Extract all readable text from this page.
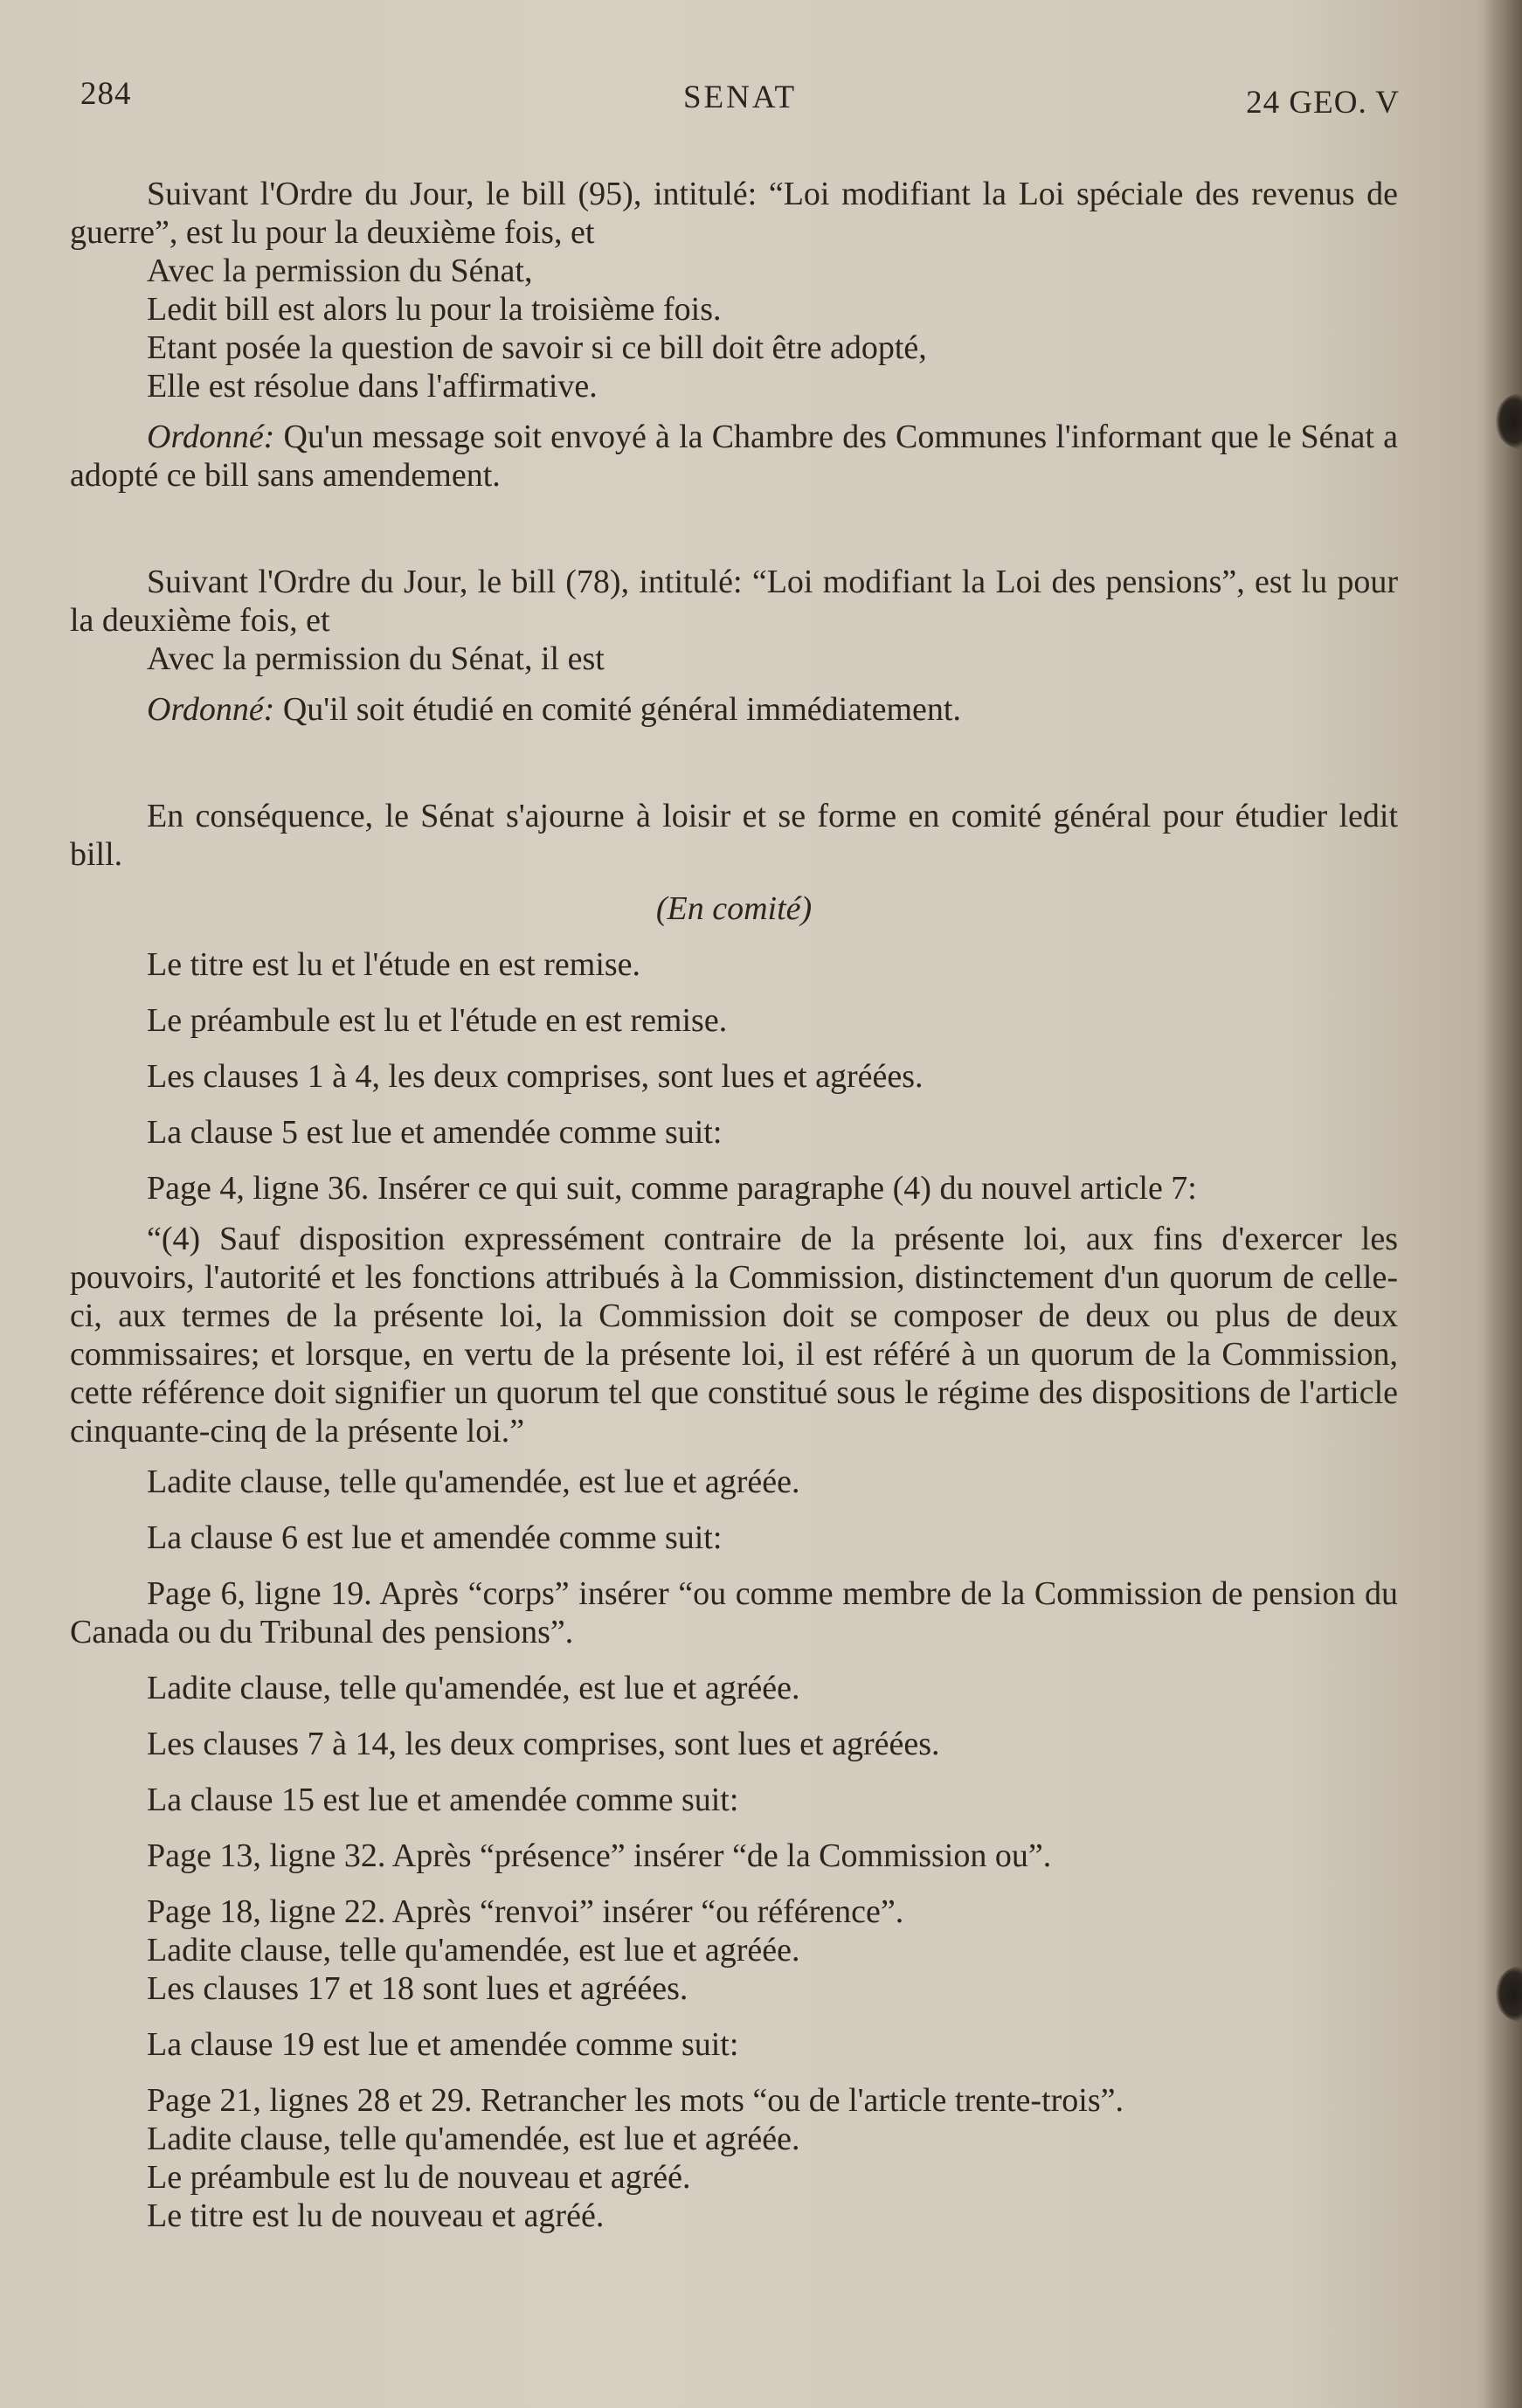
284	SENAT	24 GEO. V

Suivant l'Ordre du Jour, le bill (95), intitulé: “Loi modifiant la Loi spéciale des revenus de guerre”, est lu pour la deuxième fois, et

Avec la permission du Sénat,

Ledit bill est alors lu pour la troisième fois.

Etant posée la question de savoir si ce bill doit être adopté,

Elle est résolue dans l'affirmative.

Ordonné: Qu'un message soit envoyé à la Chambre des Communes l'informant que le Sénat a adopté ce bill sans amendement.

Suivant l'Ordre du Jour, le bill (78), intitulé: “Loi modifiant la Loi des pensions”, est lu pour la deuxième fois, et

Avec la permission du Sénat, il est

Ordonné: Qu'il soit étudié en comité général immédiatement.

En conséquence, le Sénat s'ajourne à loisir et se forme en comité général pour étudier ledit bill.

(En comité)

Le titre est lu et l'étude en est remise.

Le préambule est lu et l'étude en est remise.

Les clauses 1 à 4, les deux comprises, sont lues et agréées.

La clause 5 est lue et amendée comme suit:

Page 4, ligne 36. Insérer ce qui suit, comme paragraphe (4) du nouvel article 7:

“(4) Sauf disposition expressément contraire de la présente loi, aux fins d'exercer les pouvoirs, l'autorité et les fonctions attribués à la Commission, distinctement d'un quorum de celle-ci, aux termes de la présente loi, la Commission doit se composer de deux ou plus de deux commissaires; et lorsque, en vertu de la présente loi, il est référé à un quorum de la Commission, cette référence doit signifier un quorum tel que constitué sous le régime des dispositions de l'article cinquante-cinq de la présente loi.”

Ladite clause, telle qu'amendée, est lue et agréée.

La clause 6 est lue et amendée comme suit:

Page 6, ligne 19. Après “corps” insérer “ou comme membre de la Commission de pension du Canada ou du Tribunal des pensions”.

Ladite clause, telle qu'amendée, est lue et agréée.

Les clauses 7 à 14, les deux comprises, sont lues et agréées.

La clause 15 est lue et amendée comme suit:

Page 13, ligne 32. Après “présence” insérer “de la Commission ou”.

Page 18, ligne 22. Après “renvoi” insérer “ou référence”.

Ladite clause, telle qu'amendée, est lue et agréée.

Les clauses 17 et 18 sont lues et agréées.

La clause 19 est lue et amendée comme suit:

Page 21, lignes 28 et 29. Retrancher les mots “ou de l'article trente-trois”.

Ladite clause, telle qu'amendée, est lue et agréée.

Le préambule est lu de nouveau et agréé.

Le titre est lu de nouveau et agréé.
